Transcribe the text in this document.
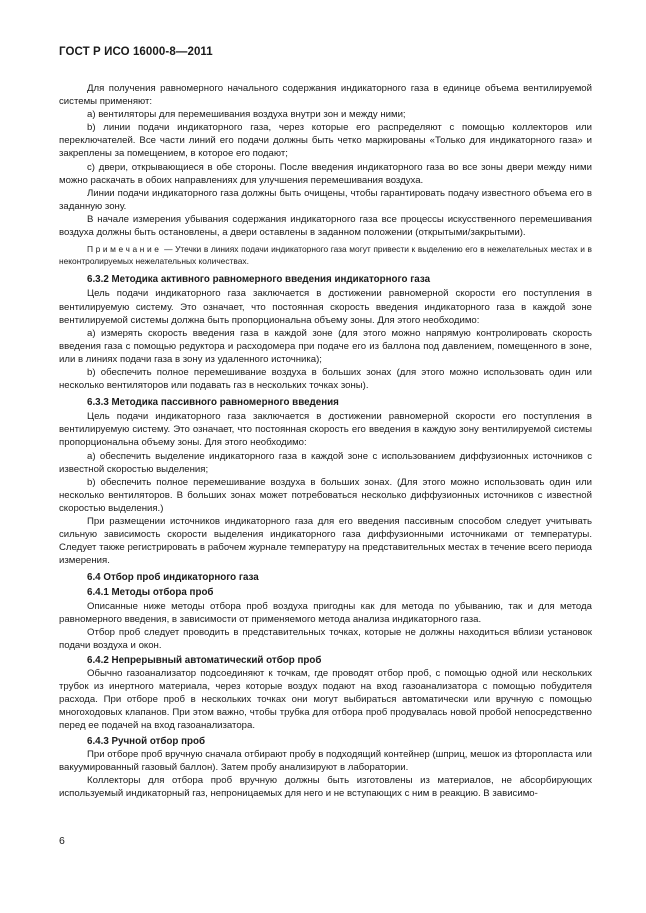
ГОСТ Р ИСО 16000-8—2011

Для получения равномерного начального содержания индикаторного газа в единице объема вентилируемой системы применяют:

a) вентиляторы для перемешивания воздуха внутри зон и между ними;

b) линии подачи индикаторного газа, через которые его распределяют с помощью коллекторов или переключателей. Все части линий его подачи должны быть четко маркированы «Только для индикаторного газа» и закреплены за помещением, в которое его подают;

c) двери, открывающиеся в обе стороны. После введения индикаторного газа во все зоны двери между ними можно раскачать в обоих направлениях для улучшения перемешивания воздуха.

Линии подачи индикаторного газа должны быть очищены, чтобы гарантировать подачу известного объема его в заданную зону.

В начале измерения убывания содержания индикаторного газа все процессы искусственного перемешивания воздуха должны быть остановлены, а двери оставлены в заданном положении (открытыми/закрытыми).

Примечание — Утечки в линиях подачи индикаторного газа могут привести к выделению его в нежелательных местах и в неконтролируемых нежелательных количествах.

6.3.2 Методика активного равномерного введения индикаторного газа

Цель подачи индикаторного газа заключается в достижении равномерной скорости его поступления в вентилируемую систему. Это означает, что постоянная скорость введения индикаторного газа в каждой зоне вентилируемой системы должна быть пропорциональна объему зоны. Для этого необходимо:

a) измерять скорость введения газа в каждой зоне (для этого можно напрямую контролировать скорость введения газа с помощью редуктора и расходомера при подаче его из баллона под давлением, помещенного в зоне, или в линиях подачи газа в зону из удаленного источника);

b) обеспечить полное перемешивание воздуха в больших зонах (для этого можно использовать один или несколько вентиляторов или подавать газ в нескольких точках зоны).

6.3.3 Методика пассивного равномерного введения

Цель подачи индикаторного газа заключается в достижении равномерной скорости его поступления в вентилируемую систему. Это означает, что постоянная скорость его введения в каждую зону вентилируемой системы пропорциональна объему зоны. Для этого необходимо:

a) обеспечить выделение индикаторного газа в каждой зоне с использованием диффузионных источников с известной скоростью выделения;

b) обеспечить полное перемешивание воздуха в больших зонах. (Для этого можно использовать один или несколько вентиляторов. В больших зонах может потребоваться несколько диффузионных источников с известной скоростью выделения.)

При размещении источников индикаторного газа для его введения пассивным способом следует учитывать сильную зависимость скорости выделения индикаторного газа диффузионными источниками от температуры. Следует также регистрировать в рабочем журнале температуру на представительных местах в течение всего периода измерения.

6.4 Отбор проб индикаторного газа
6.4.1 Методы отбора проб

Описанные ниже методы отбора проб воздуха пригодны как для метода по убыванию, так и для метода равномерного введения, в зависимости от применяемого метода анализа индикаторного газа.

Отбор проб следует проводить в представительных точках, которые не должны находиться вблизи установок подачи воздуха и окон.

6.4.2 Непрерывный автоматический отбор проб

Обычно газоанализатор подсоединяют к точкам, где проводят отбор проб, с помощью одной или нескольких трубок из инертного материала, через которые воздух подают на вход газоанализатора с помощью побудителя расхода. При отборе проб в нескольких точках они могут выбираться автоматически или вручную с помощью многоходовых клапанов. При этом важно, чтобы трубка для отбора проб продувалась новой пробой непосредственно перед ее подачей на вход газоанализатора.

6.4.3 Ручной отбор проб

При отборе проб вручную сначала отбирают пробу в подходящий контейнер (шприц, мешок из фторопласта или вакуумированный газовый баллон). Затем пробу анализируют в лаборатории.

Коллекторы для отбора проб вручную должны быть изготовлены из материалов, не абсорбирующих используемый индикаторный газ, непроницаемых для него и не вступающих с ним в реакцию. В зависимо-

6
